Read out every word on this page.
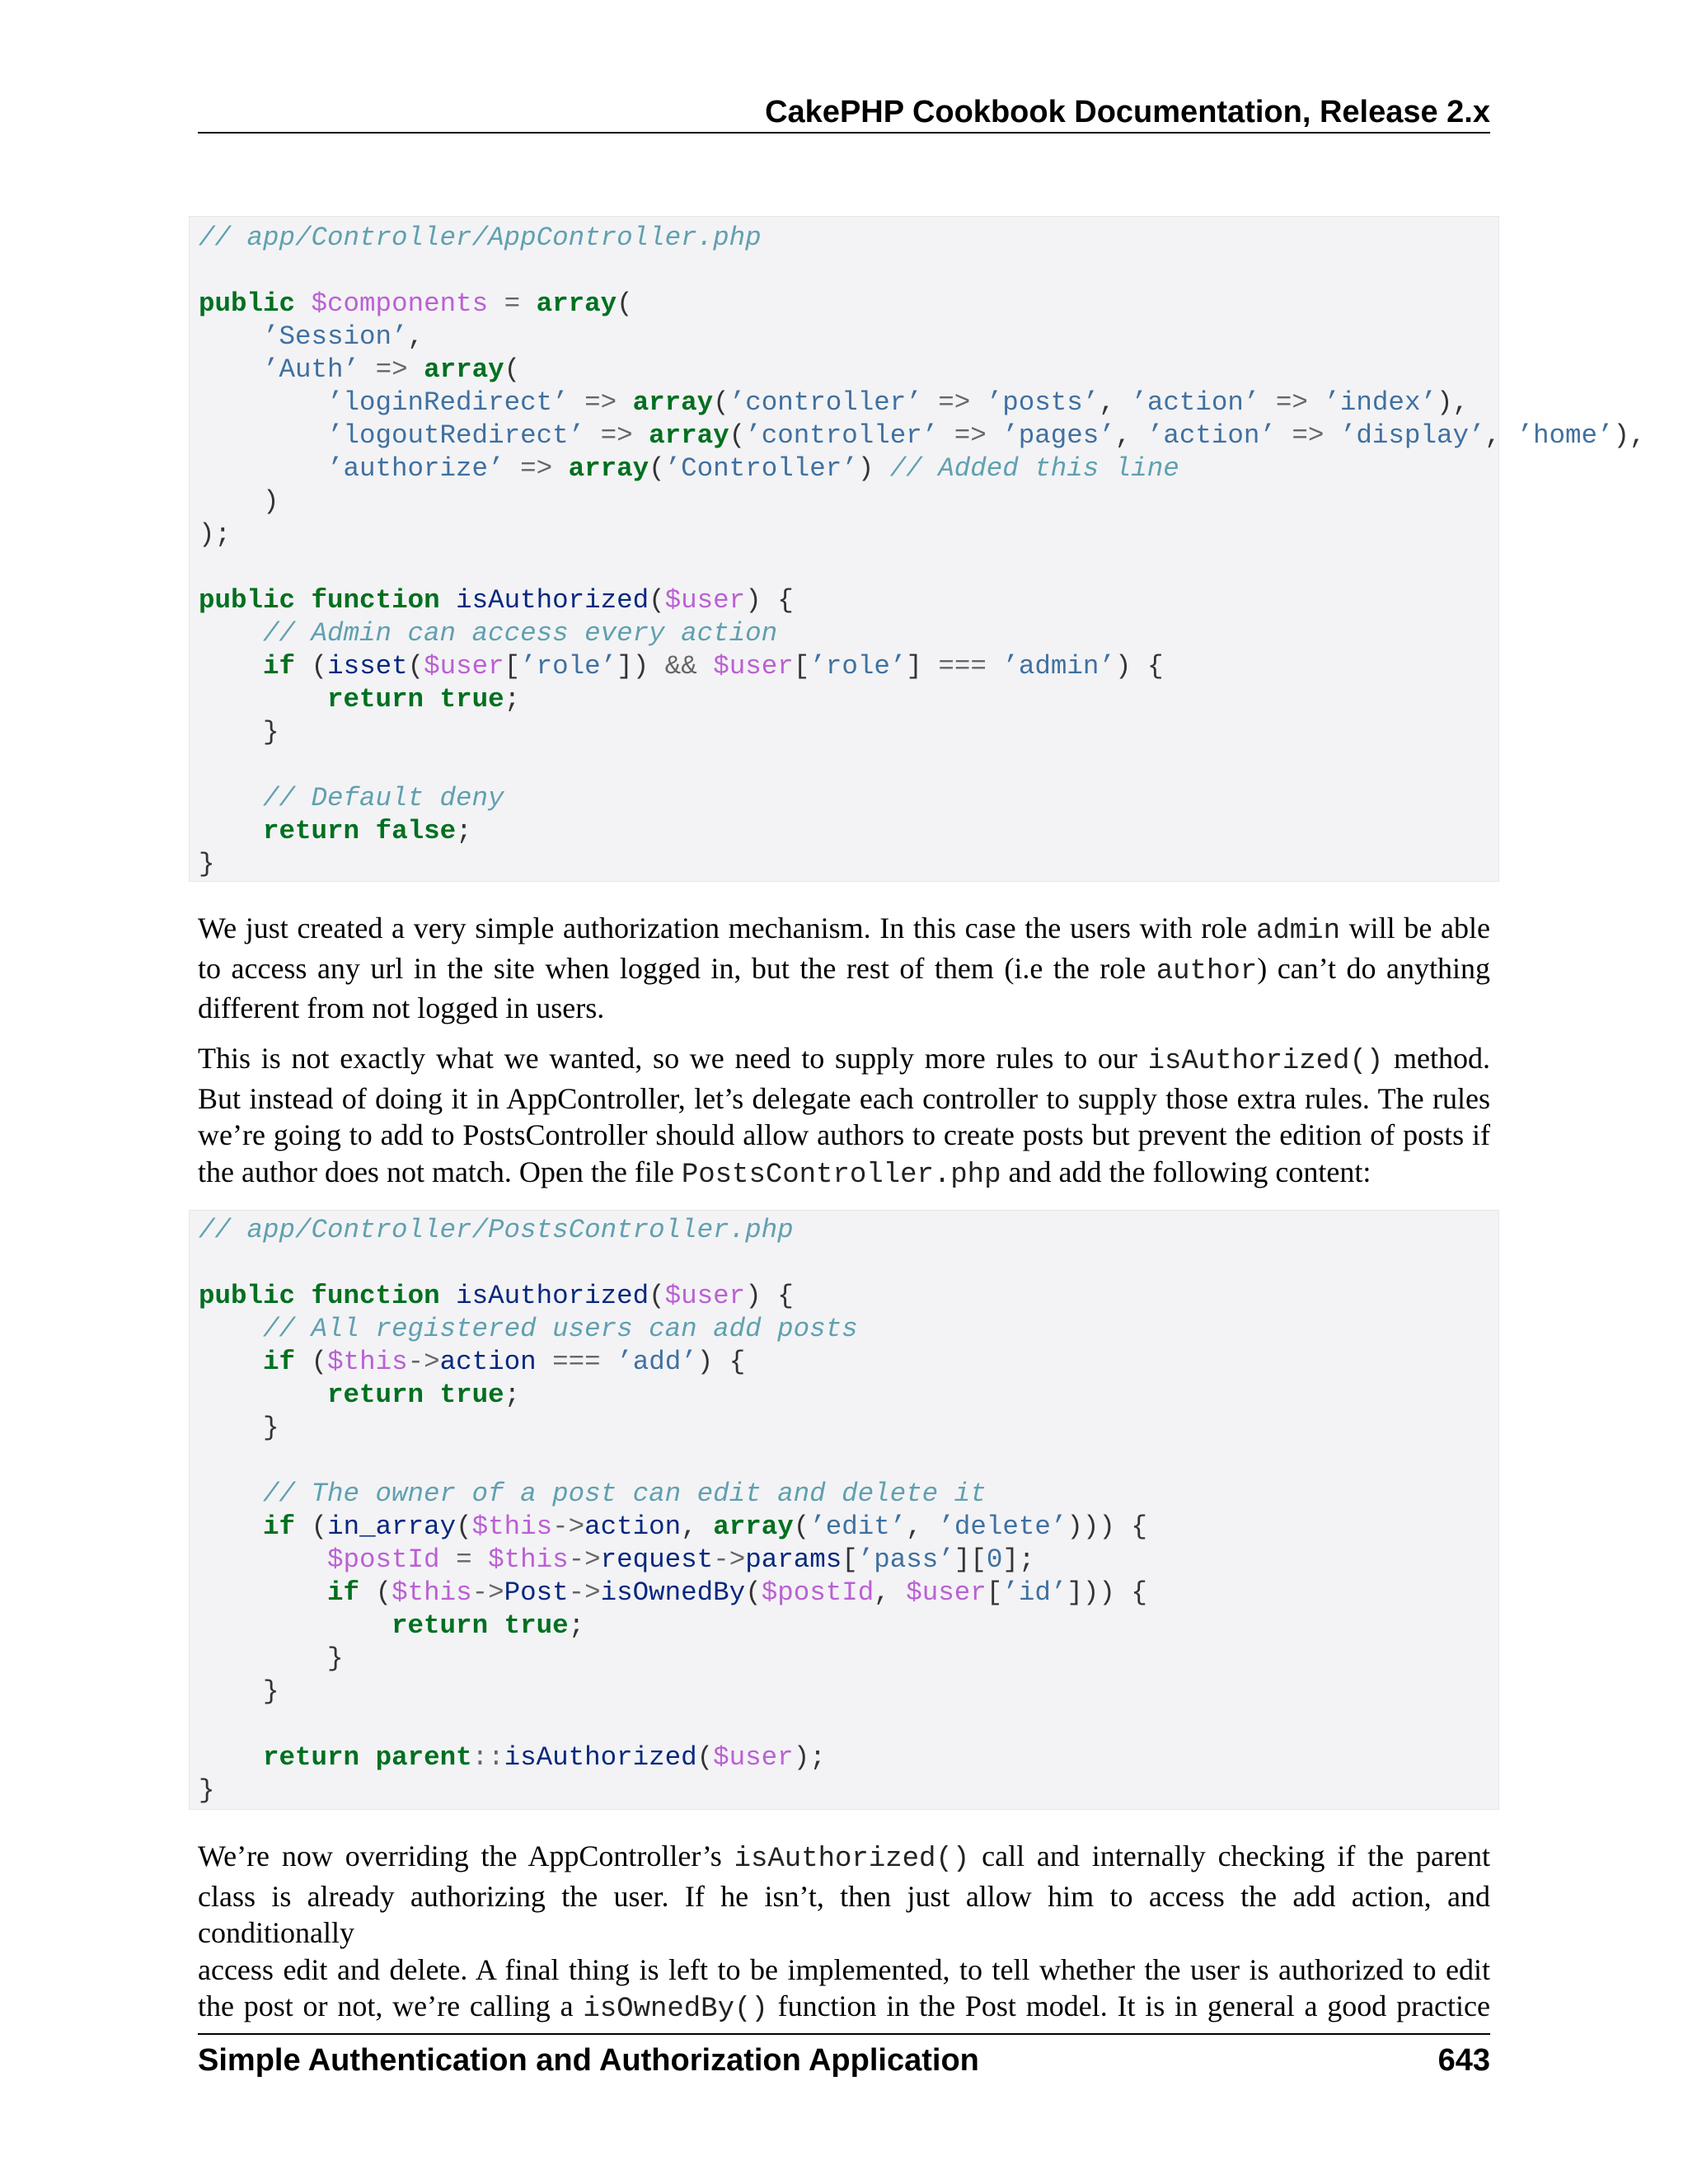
CakePHP Cookbook Documentation, Release 2.x
// app/Controller/AppController.php

public $components = array(
’Session’,
’Auth’ => array(
’loginRedirect’ => array(’controller’ => ’posts’, ’action’ => ’index’),
’logoutRedirect’ => array(’controller’ => ’pages’, ’action’ => ’display’, ’home’),
’authorize’ => array(’Controller’) // Added this line
)
);

public function isAuthorized($user) {
// Admin can access every action
if (isset($user[’role’]) && $user[’role’] === ’admin’) {
return true;
}

// Default deny
return false;
}

We just created a very simple authorization mechanism. In this case the users with role admin will be able
to access any url in the site when logged in, but the rest of them (i.e the role author) can’t do anything
different from not logged in users.

This is not exactly what we wanted, so we need to supply more rules to our isAuthorized() method.
But instead of doing it in AppController, let’s delegate each controller to supply those extra rules. The rules
we’re going to add to PostsController should allow authors to create posts but prevent the edition of posts if
the author does not match. Open the file PostsController.php and add the following content:

// app/Controller/PostsController.php

public function isAuthorized($user) {
// All registered users can add posts
if ($this->action === ’add’) {
return true;
}

// The owner of a post can edit and delete it
if (in_array($this->action, array(’edit’, ’delete’))) {
$postId = $this->request->params[’pass’][0];
if ($this->Post->isOwnedBy($postId, $user[’id’])) {
return true;
}
}

return parent::isAuthorized($user);
}

We’re now overriding the AppController’s isAuthorized() call and internally checking if the parent
class is already authorizing the user. If he isn’t, then just allow him to access the add action, and conditionally
access edit and delete. A final thing is left to be implemented, to tell whether the user is authorized to edit
the post or not, we’re calling a isOwnedBy() function in the Post model. It is in general a good practice

Simple Authentication and Authorization Application	643
